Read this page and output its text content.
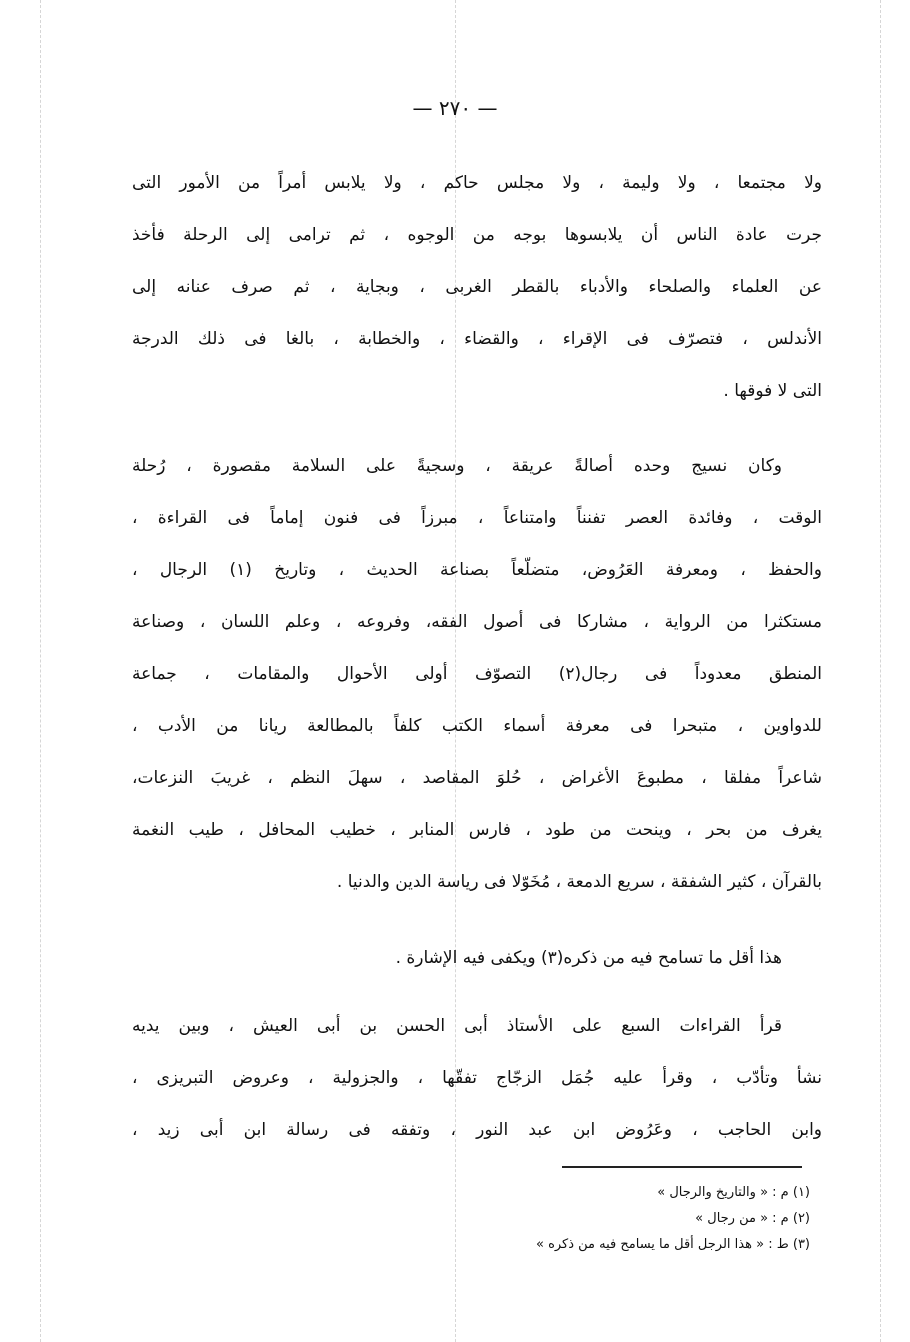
— ٢٧٠ —
ولا مجتمعا ، ولا وليمة ، ولا مجلس حاكم ، ولا يلابس أمراً من الأمور التى
جرت عادة الناس أن يلابسوها بوجه من الوجوه ، ثم ترامى إلى الرحلة فأخذ
عن العلماء والصلحاء والأدباء بالقطر الغربى ، وبجاية ، ثم صرف عنانه إلى
الأندلس ، فتصرّف فى الإقراء ، والقضاء ، والخطابة ، بالغا فى ذلك الدرجة
التى لا فوقها .
وكان نسيج وحده أصالةً عريقة ، وسجيةً على السلامة مقصورة ، رُحلة
الوقت ، وفائدة العصر تفنناً وامتناعاً ، مبرزاً فى فنون إماماً فى القراءة ،
والحفظ ، ومعرفة العَرُوض، متضلّعاً بصناعة الحديث ، وتاريخ (١) الرجال ،
مستكثرا من الرواية ، مشاركا فى أصول الفقه، وفروعه ، وعلم اللسان ، وصناعة
المنطق معدوداً فى رجال(٢) التصوّف أولى الأحوال والمقامات ، جماعة
للدواوين ، متبحرا فى معرفة أسماء الكتب كلفاً بالمطالعة ريانا من الأدب ،
شاعراً مفلقا ، مطبوعَ الأغراض ، حُلوَ المقاصد ، سهلَ النظم ، غريبَ النزعات،
يغرف من بحر ، وينحت من طود ، فارس المنابر ، خطيب المحافل ، طيب النغمة
بالقرآن ، كثير الشفقة ، سريع الدمعة ، مُخَوّلا فى رياسة الدين والدنيا .
هذا أقل ما تسامح فيه من ذكره(٣) ويكفى فيه الإشارة .
قرأ القراءات السبع على الأستاذ أبى الحسن بن أبى العيش ، وبين يديه
نشأ وتأدّب ، وقرأ عليه جُمَل الزجّاج تفقّها ، والجزولية ، وعروض التبريزى ،
وابن الحاجب ، وعَرُوض ابن عبد النور ، وتفقه فى رسالة ابن أبى زيد ،
(١) م : « والتاريخ والرجال »
(٢) م : « من رجال »
(٣) ط : « هذا الرجل أقل ما يسامح فيه من ذكره »
